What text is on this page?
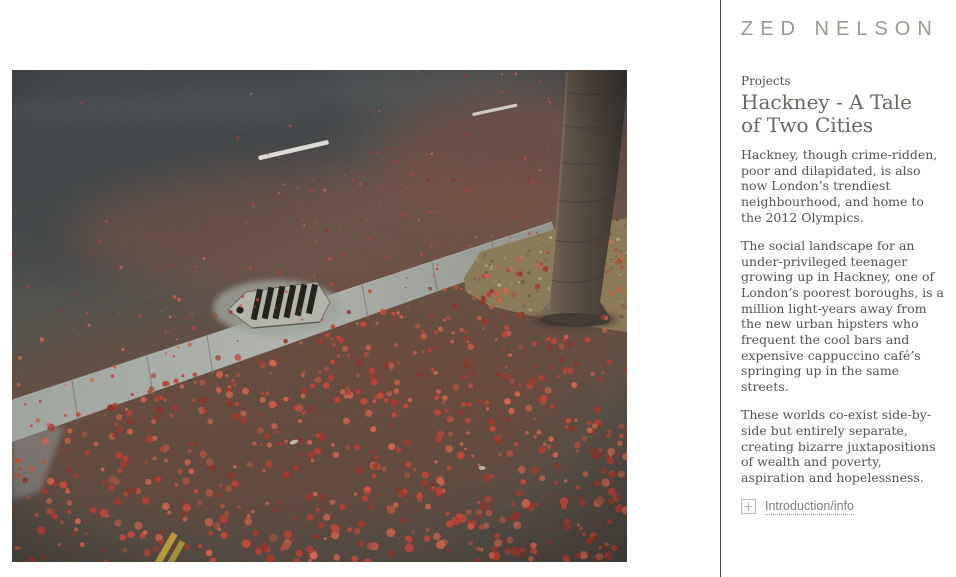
ZED NELSON
Projects
Hackney - A Tale of Two Cities

Hackney, though crime-ridden, poor and dilapidated, is also now London’s trendiest neighbourhood, and home to the 2012 Olympics.

The social landscape for an under-privileged teenager growing up in Hackney, one of London’s poorest boroughs, is a million light-years away from the new urban hipsters who frequent the cool bars and expensive cappuccino café’s springing up in the same streets.

These worlds co-exist side-by-side but entirely separate, creating bizarre juxtapositions of wealth and poverty, aspiration and hopelessness.

Introduction/info
